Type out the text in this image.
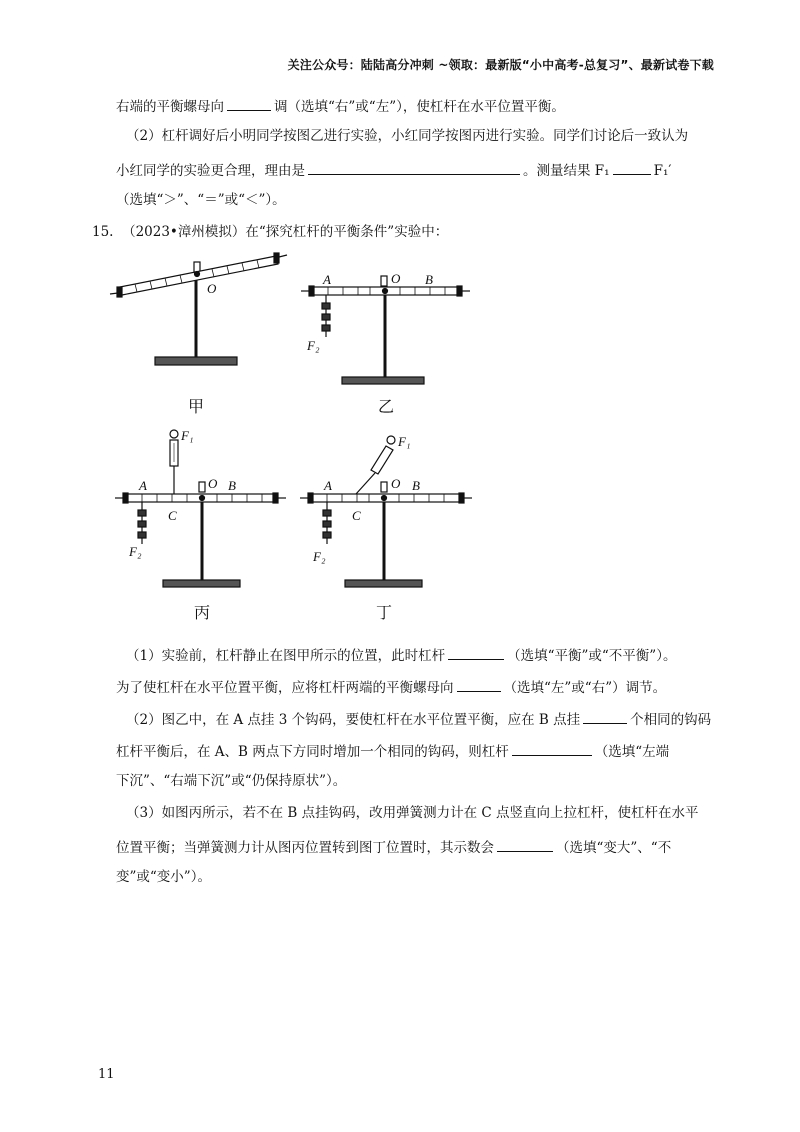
关注公众号：陆陆高分冲刺 ~领取：最新版“小中高考-总复习”、最新试卷下载
右端的平衡螺母向	调（选填“右”或“左”），使杠杆在水平位置平衡。
（2）杠杆调好后小明同学按图乙进行实验，小红同学按图丙进行实验。同学们讨论后一致认为
小红同学的实验更合理，理由是	。测量结果 F₁	F₁′
（选填“＞”、“＝”或“＜”）。
15. （2023•漳州模拟）在“探究杠杆的平衡条件”实验中：
O
A	O B
F₂
A	O B
C
F₁
F₂
A	O B
C
F₁
F₂
甲	乙
丙	丁
（1）实验前，杠杆静止在图甲所示的位置，此时杠杆	（选填“平衡”或“不平衡”）。
为了使杠杆在水平位置平衡，应将杠杆两端的平衡螺母向	（选填“左”或“右”）调节。
（2）图乙中，在 A 点挂 3 个钩码，要使杠杆在水平位置平衡，应在 B 点挂	个相同的钩码
杠杆平衡后，在 A、B 两点下方同时增加一个相同的钩码，则杠杆	（选填“左端
下沉”、“右端下沉”或“仍保持原状”）。
（3）如图丙所示，若不在 B 点挂钩码，改用弹簧测力计在 C 点竖直向上拉杠杆，使杠杆在水平
位置平衡；当弹簧测力计从图丙位置转到图丁位置时，其示数会	（选填“变大”、“不
变”或“变小”）。
11
